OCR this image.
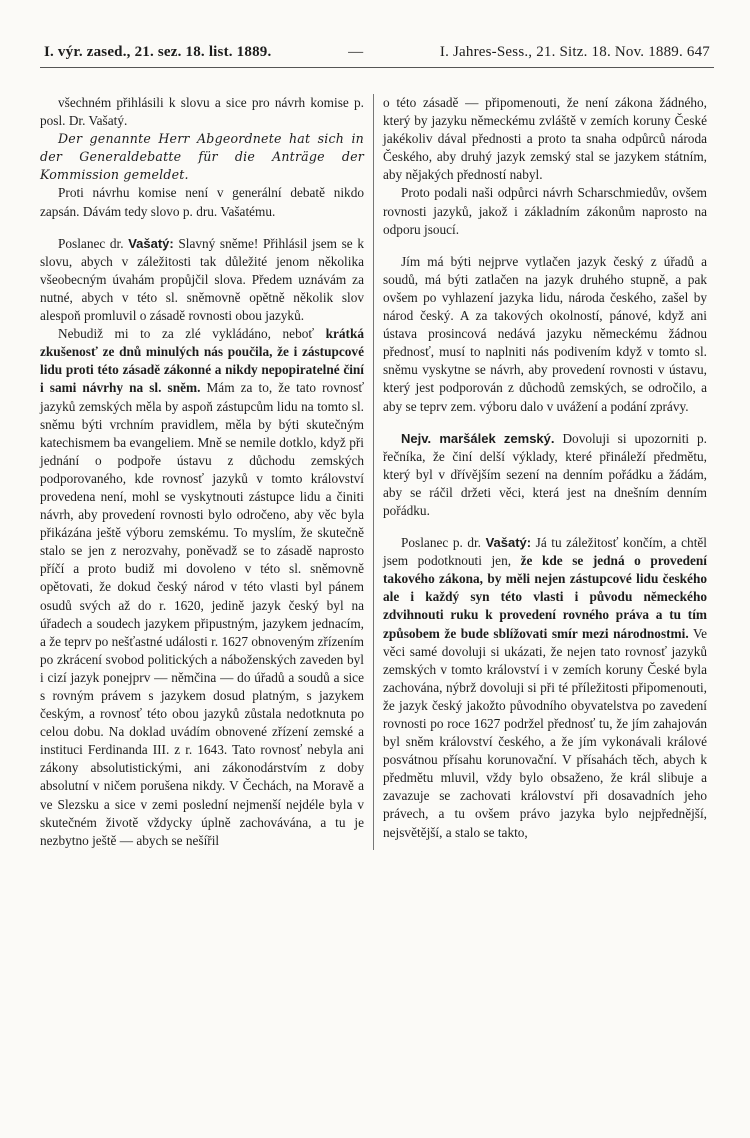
I. výr. zased., 21. sez. 18. list. 1889.	—	I. Jahres-Sess., 21. Sitz. 18. Nov. 1889. 647

všechném přihlásili k slovu a sice pro návrh komise p. posl. Dr. Vašatý.

Der genannte Herr Abgeordnete hat sich in der Generaldebatte für die Anträge der Kommission gemeldet.

Proti návrhu komise není v generální debatě nikdo zapsán. Dávám tedy slovo p. dru. Vašatému.

Poslanec dr. Vašatý: Slavný sněme! Přihlásil jsem se k slovu, abych v záležitosti tak důležité jenom několika všeobecným úvahám propůjčil slova. Předem uznávám za nutné, abych v této sl. sněmovně opětně několik slov alespoň promluvil o zásadě rovnosti obou jazyků.

Nebudiž mi to za zlé vykládáno, neboť krátká zkušenosť ze dnů minulých nás poučila, že i zástupcové lidu proti této zásadě zákonné a nikdy nepopiratelné činí i sami návrhy na sl. sněm. Mám za to, že tato rovnosť jazyků zemských měla by aspoň zástupcům lidu na tomto sl. sněmu býti vrchním pravidlem, měla by býti skutečným katechismem ba evangeliem. Mně se nemile dotklo, když při jednání o podpoře ústavu z důchodu zemských podporovaného, kde rovnosť jazyků v tomto království provedena není, mohl se vyskytnouti zástupce lidu a činiti návrh, aby provedení rovnosti bylo odročeno, aby věc byla přikázána ještě výboru zemskému. To myslím, že skutečně stalo se jen z nerozvahy, poněvadž se to zásadě naprosto příčí a proto budiž mi dovoleno v této sl. sněmovně opětovati, že dokud český národ v této vlasti byl pánem osudů svých až do r. 1620, jedině jazyk český byl na úřadech a soudech jazykem připustným, jazykem jednacím, a že teprv po nešťastné události r. 1627 obnoveným zřízením po zkrácení svobod politických a náboženských zaveden byl i cizí jazyk ponejprv — němčina — do úřadů a soudů a sice s rovným právem s jazykem dosud platným, s jazykem českým, a rovnosť této obou jazyků zůstala nedotknuta po celou dobu. Na doklad uvádím obnovené zřízení zemské a instituci Ferdinanda III. z r. 1643. Tato rovnosť nebyla ani zákony absolutistickými, ani zákonodárstvím z doby absolutní v ničem porušena nikdy. V Čechách, na Moravě a ve Slezsku a sice v zemi poslední nejmenší nejdéle byla v skutečném životě vždycky úplně zachovávána, a tu je nezbytno ještě — abych se nešířil

o této zásadě — připomenouti, že není zákona žádného, který by jazyku německému zvláště v zemích koruny České jakékoliv dával přednosti a proto ta snaha odpůrců národa Českého, aby druhý jazyk zemský stal se jazykem státním, aby nějakých předností nabyl.

Proto podali naši odpůrci návrh Scharschmiedův, ovšem rovnosti jazyků, jakož i základním zákonům naprosto na odporu jsoucí.

Jím má býti nejprve vytlačen jazyk český z úřadů a soudů, má býti zatlačen na jazyk druhého stupně, a pak ovšem po vyhlazení jazyka lidu, národa českého, zašel by národ český. A za takových okolností, pánové, když ani ústava prosincová nedává jazyku německému žádnou přednosť, musí to naplniti nás podivením když v tomto sl. sněmu vyskytne se návrh, aby provedení rovnosti v ústavu, který jest podporován z důchodů zemských, se odročilo, a aby se teprv zem. výboru dalo v uvážení a podání zprávy.

Nejv. maršálek zemský. Dovoluji si upozorniti p. řečníka, že činí delší výklady, které přináleží předmětu, který byl v dřívějším sezení na denním pořádku a žádám, aby se ráčil držeti věci, která jest na dnešním denním pořádku.

Poslanec p. dr. Vašatý: Já tu záležitosť končím, a chtěl jsem podotknouti jen, že kde se jedná o provedení takového zákona, by měli nejen zástupcové lidu českého ale i každý syn této vlasti i původu německého zdvihnouti ruku k provedení rovného práva a tu tím způsobem že bude sblížovati smír mezi národnostmi. Ve věci samé dovoluji si ukázati, že nejen tato rovnosť jazyků zemských v tomto království i v zemích koruny České byla zachována, nýbrž dovoluji si při té příležitosti připomenouti, že jazyk český jakožto původního obyvatelstva po zavedení rovnosti po roce 1627 podržel přednosť tu, že jím zahajován byl sněm království českého, a že jím vykonávali králové posvátnou přísahu korunovační. V přísahách těch, abych k předmětu mluvil, vždy bylo obsaženo, že král slibuje a zavazuje se zachovati království při dosavadních jeho právech, a tu ovšem právo jazyka bylo nejpřednější, nejsvětější, a stalo se takto,
